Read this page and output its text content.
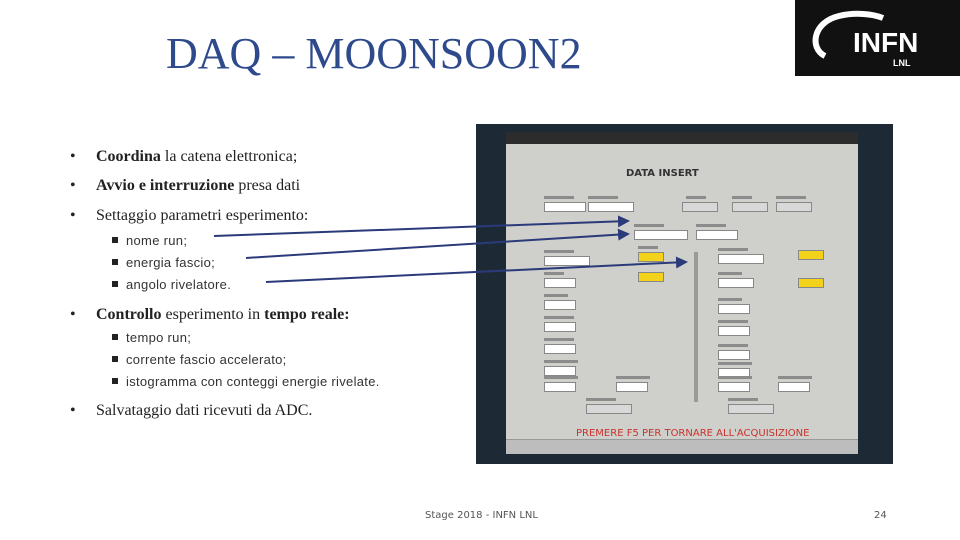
DAQ – MOONSOON2	INFN
LNL
• Coordina la catena elettronica;
• Avvio e interruzione presa dati
• Settaggio parametri esperimento:
nome run;
energia fascio;
angolo rivelatore.
• Controllo esperimento in tempo reale:
tempo run;
corrente fascio accelerato;
istogramma con conteggi energie rivelate.
• Salvataggio dati ricevuti da ADC.
DATA INSERT
PREMERE F5 PER TORNARE ALL'ACQUISIZIONE
Stage 2018 - INFN LNL	24
